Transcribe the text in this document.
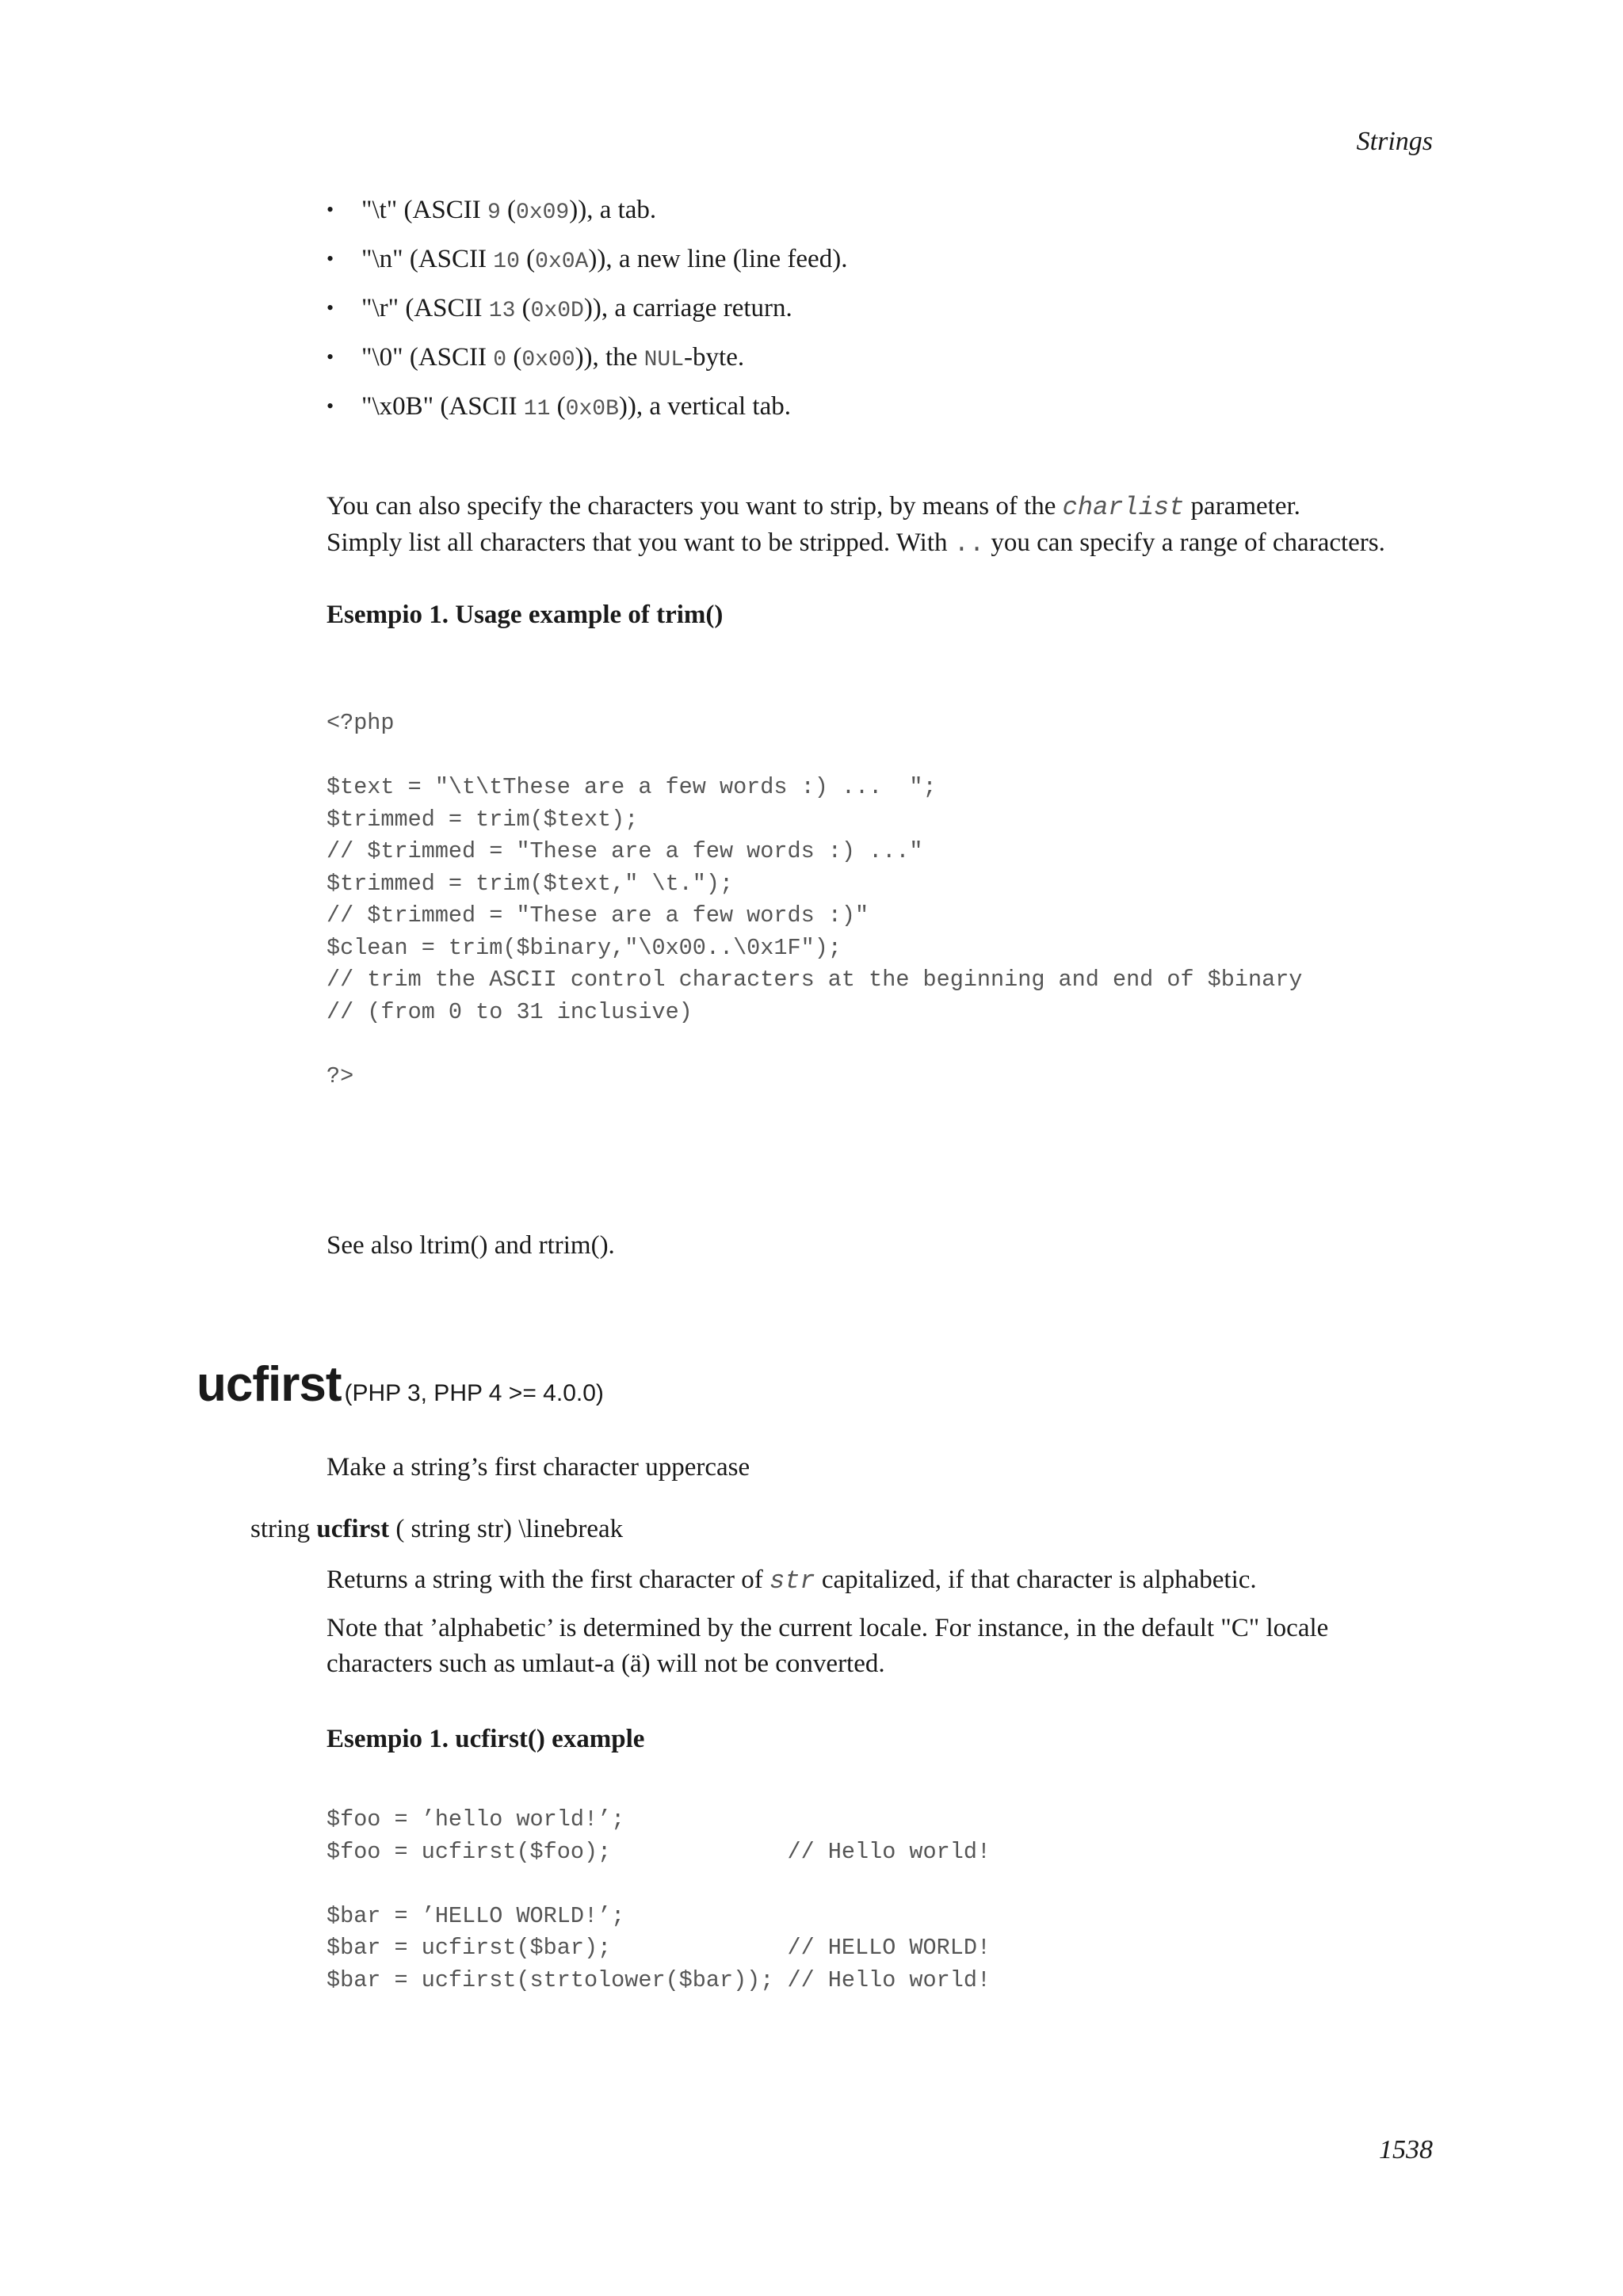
Strings
• "\t" (ASCII 9 (0x09)), a tab.
• "\n" (ASCII 10 (0x0A)), a new line (line feed).
• "\r" (ASCII 13 (0x0D)), a carriage return.
• "\0" (ASCII 0 (0x00)), the NUL-byte.
• "\x0B" (ASCII 11 (0x0B)), a vertical tab.
You can also specify the characters you want to strip, by means of the charlist parameter.
Simply list all characters that you want to be stripped. With .. you can specify a range of characters.
Esempio 1. Usage example of trim()
<?php

$text = "\t\tThese are a few words :) ...  ";
$trimmed = trim($text);
// $trimmed = "These are a few words :) ..."
$trimmed = trim($text," \t.");
// $trimmed = "These are a few words :)"
$clean = trim($binary,"\0x00..\0x1F");
// trim the ASCII control characters at the beginning and end of $binary
// (from 0 to 31 inclusive)

?>
See also ltrim() and rtrim().
ucfirst (PHP 3, PHP 4 >= 4.0.0)
Make a string’s first character uppercase
string ucfirst ( string str) \linebreak
Returns a string with the first character of str capitalized, if that character is alphabetic.
Note that ’alphabetic’ is determined by the current locale. For instance, in the default "C" locale
characters such as umlaut-a (ä) will not be converted.
Esempio 1. ucfirst() example
$foo = ’hello world!’;
$foo = ucfirst($foo);             // Hello world!

$bar = ’HELLO WORLD!’;
$bar = ucfirst($bar);             // HELLO WORLD!
$bar = ucfirst(strtolower($bar)); // Hello world!
1538
